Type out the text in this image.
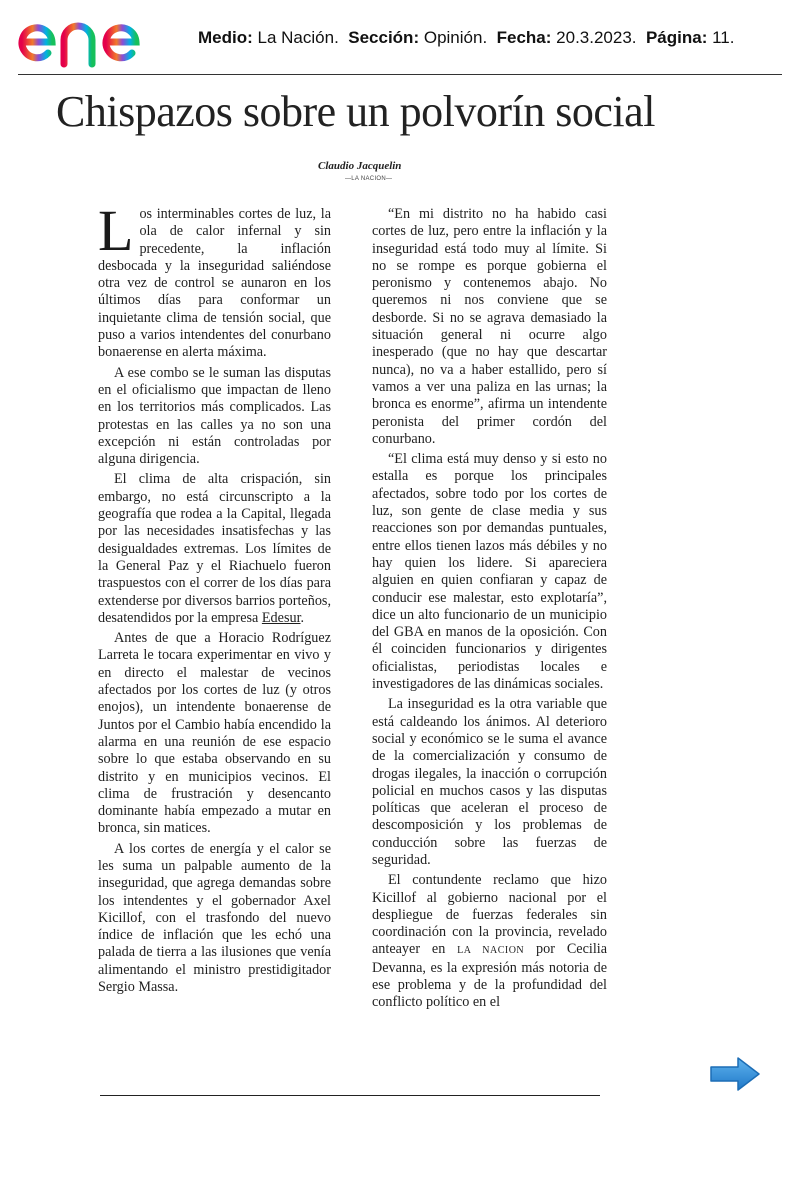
Medio: La Nación. Sección: Opinión. Fecha: 20.3.2023. Página: 11.
Chispazos sobre un polvorín social
Claudio Jacquelin
—LA NACION—

Los interminables cortes de luz, la ola de calor infernal y sin precedente, la inflación desbocada y la inseguridad saliéndose otra vez de control se aunaron en los últimos días para conformar un inquietante clima de tensión social, que puso a varios intendentes del conurbano bonaerense en alerta máxima.

A ese combo se le suman las disputas en el oficialismo que impactan de lleno en los territorios más complicados. Las protestas en las calles ya no son una excepción ni están controladas por alguna dirigencia.

El clima de alta crispación, sin embargo, no está circunscripto a la geografía que rodea a la Capital, llegada por las necesidades insatisfechas y las desigualdades extremas. Los límites de la General Paz y el Riachuelo fueron traspuestos con el correr de los días para extenderse por diversos barrios porteños, desatendidos por la empresa Edesur.

Antes de que a Horacio Rodríguez Larreta le tocara experimentar en vivo y en directo el malestar de vecinos afectados por los cortes de luz (y otros enojos), un intendente bonaerense de Juntos por el Cambio había encendido la alarma en una reunión de ese espacio sobre lo que estaba observando en su distrito y en municipios vecinos. El clima de frustración y desencanto dominante había empezado a mutar en bronca, sin matices.

A los cortes de energía y el calor se les suma un palpable aumento de la inseguridad, que agrega demandas sobre los intendentes y el gobernador Axel Kicillof, con el trasfondo del nuevo índice de inflación que les echó una palada de tierra a las ilusiones que venía alimentando el ministro prestidigitador Sergio Massa.

“En mi distrito no ha habido casi cortes de luz, pero entre la inflación y la inseguridad está todo muy al límite. Si no se rompe es porque gobierna el peronismo y contenemos abajo. No queremos ni nos conviene que se desborde. Si no se agrava demasiado la situación general ni ocurre algo inesperado (que no hay que descartar nunca), no va a haber estallido, pero sí vamos a ver una paliza en las urnas; la bronca es enorme”, afirma un intendente peronista del primer cordón del conurbano.

“El clima está muy denso y si esto no estalla es porque los principales afectados, sobre todo por los cortes de luz, son gente de clase media y sus reacciones son por demandas puntuales, entre ellos tienen lazos más débiles y no hay quien los lidere. Si apareciera alguien en quien confiaran y capaz de conducir ese malestar, esto explotaría”, dice un alto funcionario de un municipio del GBA en manos de la oposición. Con él coinciden funcionarios y dirigentes oficialistas, periodistas locales e investigadores de las dinámicas sociales.

La inseguridad es la otra variable que está caldeando los ánimos. Al deterioro social y económico se le suma el avance de la comercialización y consumo de drogas ilegales, la inacción o corrupción policial en muchos casos y las disputas políticas que aceleran el proceso de descomposición y los problemas de conducción sobre las fuerzas de seguridad.

El contundente reclamo que hizo Kicillof al gobierno nacional por el despliegue de fuerzas federales sin coordinación con la provincia, revelado anteayer en LA NACION por Cecilia Devanna, es la expresión más notoria de ese problema y de la profundidad del conflicto político en el
